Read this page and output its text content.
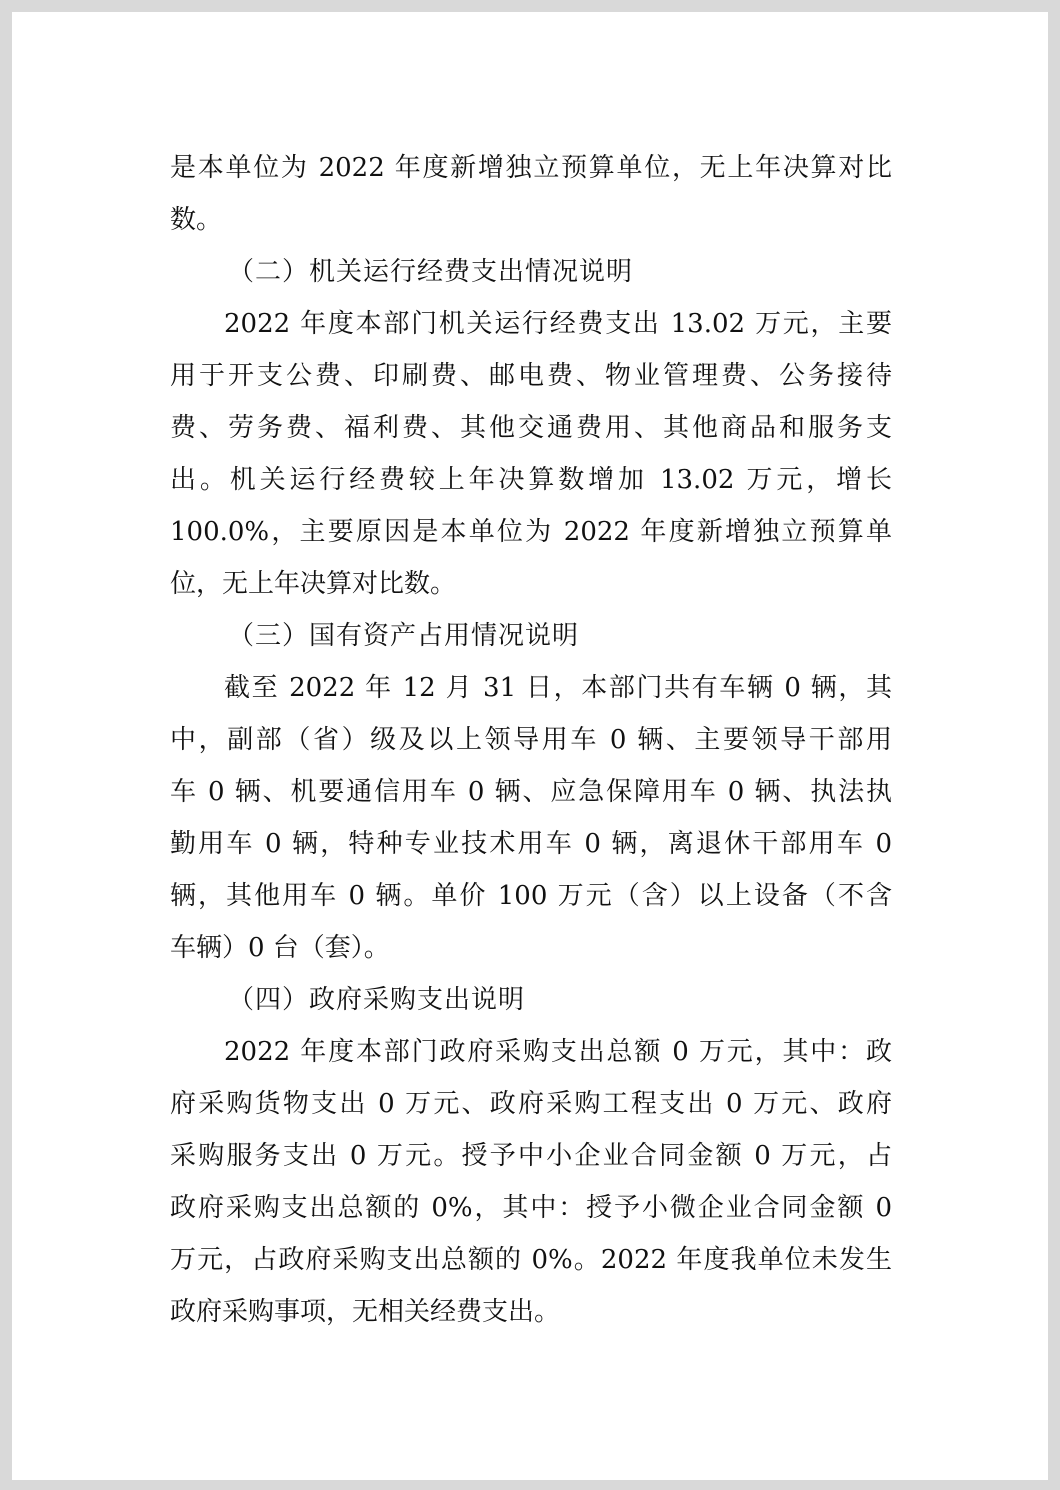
是本单位为 2022 年度新增独立预算单位，无上年决算对比
数。
（二）机关运行经费支出情况说明
2022 年度本部门机关运行经费支出 13.02 万元，主要
用于开支公费、印刷费、邮电费、物业管理费、公务接待
费、劳务费、福利费、其他交通费用、其他商品和服务支
出。机关运行经费较上年决算数增加 13.02 万元，增长
100.0%，主要原因是本单位为 2022 年度新增独立预算单
位，无上年决算对比数。
（三）国有资产占用情况说明
截至 2022 年 12 月 31 日，本部门共有车辆 0 辆，其
中，副部（省）级及以上领导用车 0 辆、主要领导干部用
车 0 辆、机要通信用车 0 辆、应急保障用车 0 辆、执法执
勤用车 0 辆，特种专业技术用车 0 辆，离退休干部用车 0
辆，其他用车 0 辆。单价 100 万元（含）以上设备（不含
车辆）0 台（套）。
（四）政府采购支出说明
2022 年度本部门政府采购支出总额 0 万元，其中：政
府采购货物支出 0 万元、政府采购工程支出 0 万元、政府
采购服务支出 0 万元。授予中小企业合同金额 0 万元，占
政府采购支出总额的 0%，其中：授予小微企业合同金额 0
万元，占政府采购支出总额的 0%。2022 年度我单位未发生
政府采购事项，无相关经费支出。
